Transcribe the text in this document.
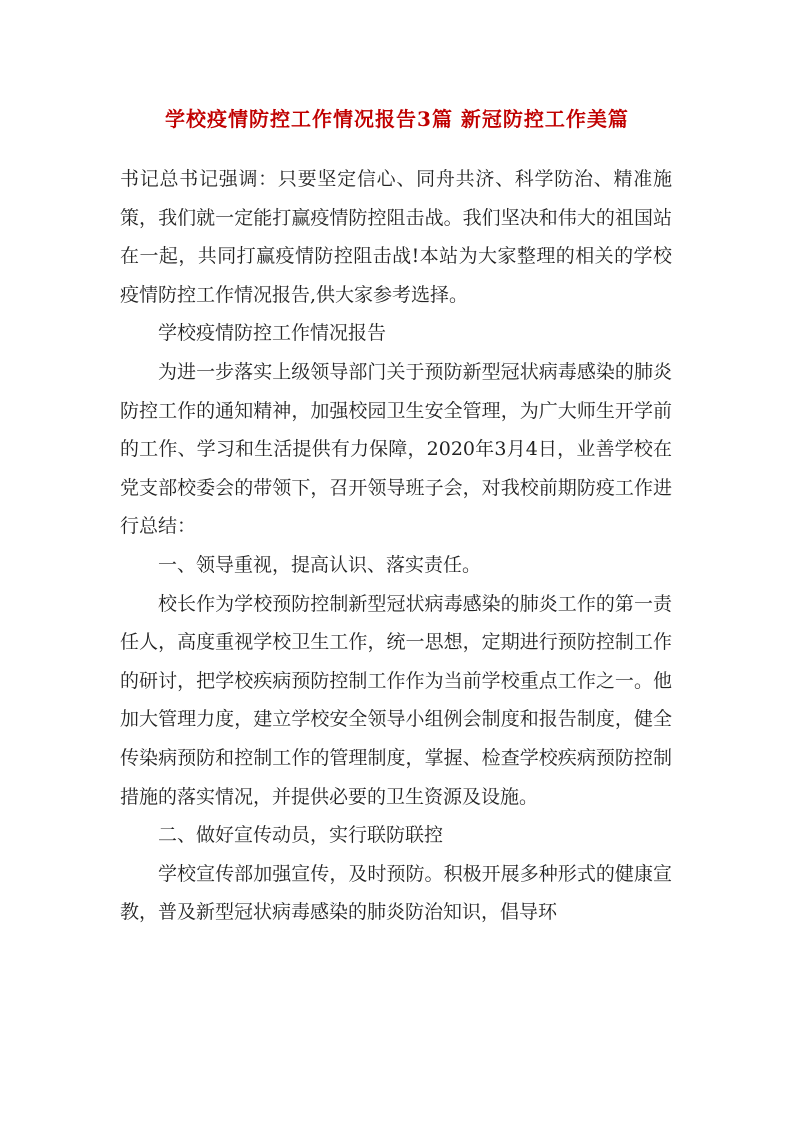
学校疫情防控工作情况报告3篇 新冠防控工作美篇

书记总书记强调：只要坚定信心、同舟共济、科学防治、精准施策，我们就一定能打赢疫情防控阻击战。我们坚决和伟大的祖国站在一起，共同打赢疫情防控阻击战!本站为大家整理的相关的学校疫情防控工作情况报告,供大家参考选择。

学校疫情防控工作情况报告

为进一步落实上级领导部门关于预防新型冠状病毒感染的肺炎防控工作的通知精神，加强校园卫生安全管理，为广大师生开学前的工作、学习和生活提供有力保障，2020年3月4日，业善学校在党支部校委会的带领下，召开领导班子会，对我校前期防疫工作进行总结：

一、领导重视，提高认识、落实责任。

校长作为学校预防控制新型冠状病毒感染的肺炎工作的第一责任人，高度重视学校卫生工作，统一思想，定期进行预防控制工作的研讨，把学校疾病预防控制工作作为当前学校重点工作之一。他加大管理力度，建立学校安全领导小组例会制度和报告制度，健全传染病预防和控制工作的管理制度，掌握、检查学校疾病预防控制措施的落实情况，并提供必要的卫生资源及设施。

二、做好宣传动员，实行联防联控

学校宣传部加强宣传，及时预防。积极开展多种形式的健康宣教，普及新型冠状病毒感染的肺炎防治知识，倡导环
